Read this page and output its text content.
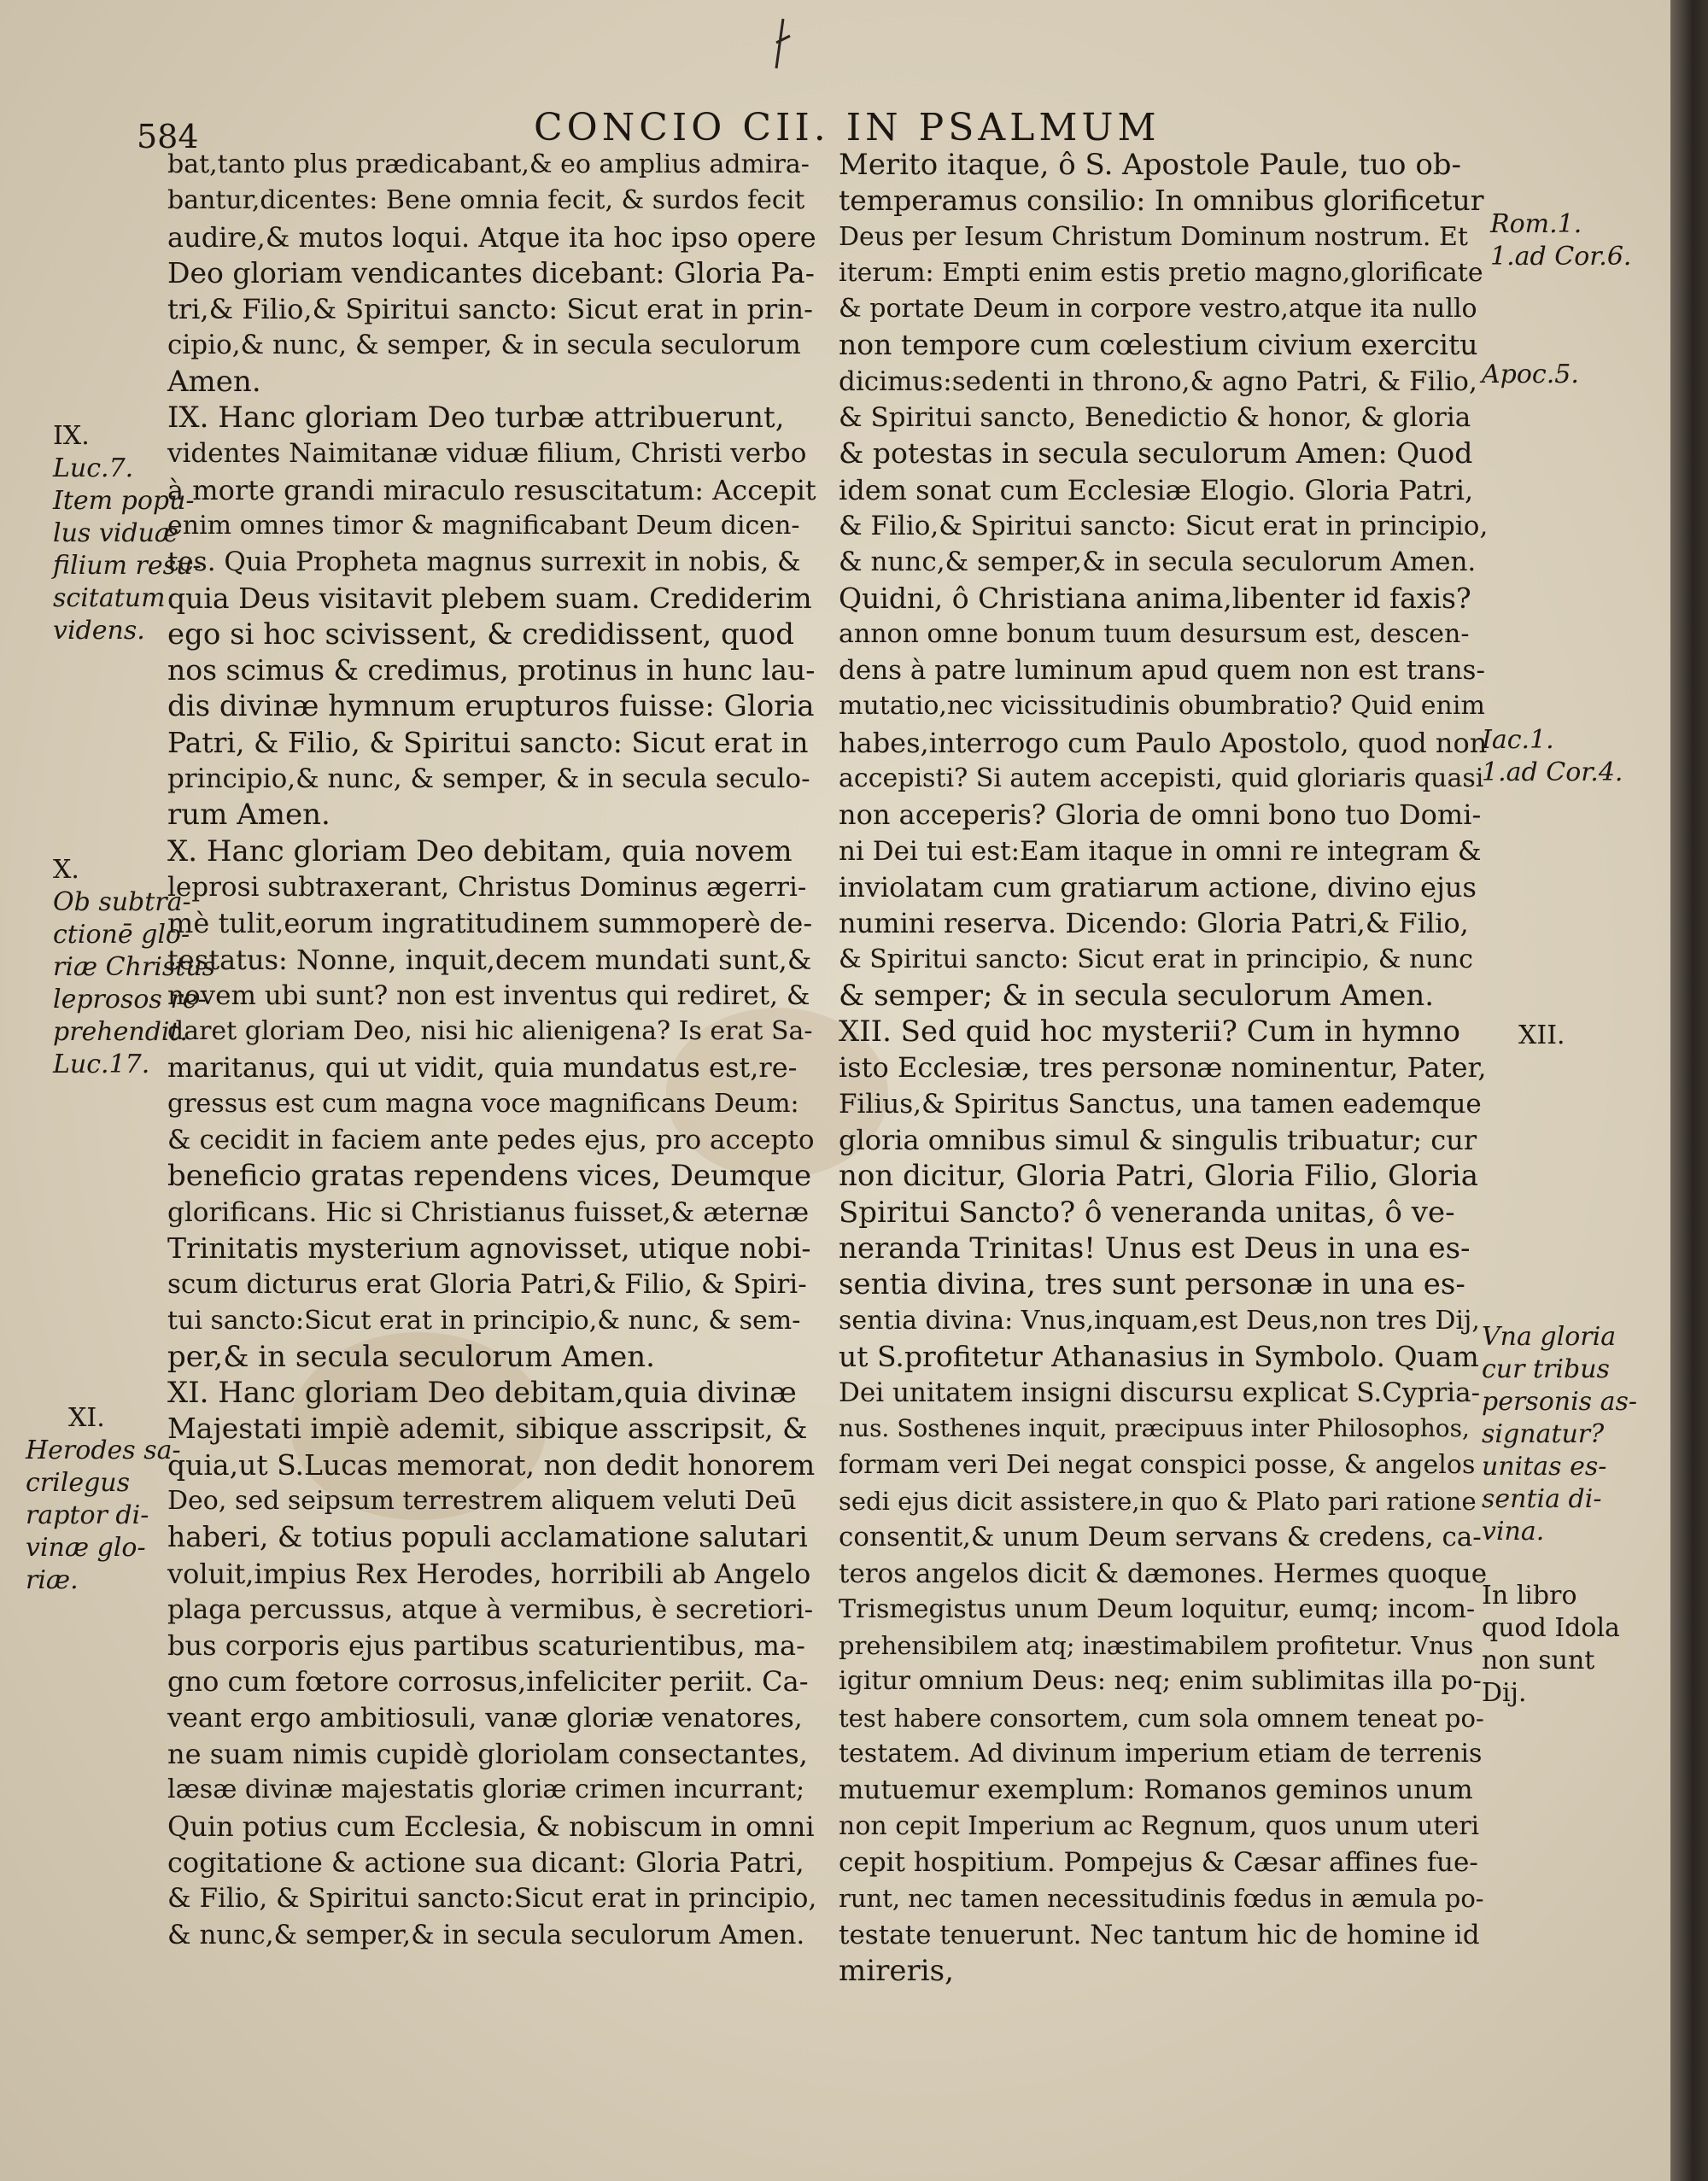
584	CONCIO CII. IN PSALMUM
IX.
Luc.7.
Item popu-
lus viduæ
filium resu-
scitatum
videns.
X.
Ob subtra-
ctionē glo-
riæ Christus
leprosos re-
prehendit.
Luc.17.
XI.
Herodes sa-
crilegus
raptor di-
vinæ glo-
riæ.
bat,tanto plus prædicabant,& eo amplius admira-
bantur,dicentes: Bene omnia fecit, & surdos fecit
audire,& mutos loqui. Atque ita hoc ipso opere
Deo gloriam vendicantes dicebant: Gloria Pa-
tri,& Filio,& Spiritui sancto: Sicut erat in prin-
cipio,& nunc, & semper, & in secula seculorum
Amen.
IX. Hanc gloriam Deo turbæ attribuerunt,
videntes Naimitanæ viduæ filium, Christi verbo
à morte grandi miraculo resuscitatum: Accepit
enim omnes timor & magnificabant Deum dicen-
tes. Quia Propheta magnus surrexit in nobis, &
quia Deus visitavit plebem suam. Crediderim
ego si hoc scivissent, & credidissent, quod
nos scimus & credimus, protinus in hunc lau-
dis divinæ hymnum erupturos fuisse: Gloria
Patri, & Filio, & Spiritui sancto: Sicut erat in
principio,& nunc, & semper, & in secula seculo-
rum Amen.
X. Hanc gloriam Deo debitam, quia novem
leprosi subtraxerant, Christus Dominus ægerri-
mè tulit,eorum ingratitudinem summoperè de-
testatus: Nonne, inquit,decem mundati sunt,&
novem ubi sunt? non est inventus qui rediret, &
daret gloriam Deo, nisi hic alienigena? Is erat Sa-
maritanus, qui ut vidit, quia mundatus est,re-
gressus est cum magna voce magnificans Deum:
& cecidit in faciem ante pedes ejus, pro accepto
beneficio gratas rependens vices, Deumque
glorificans. Hic si Christianus fuisset,& æternæ
Trinitatis mysterium agnovisset, utique nobi-
scum dicturus erat Gloria Patri,& Filio, & Spiri-
tui sancto:Sicut erat in principio,& nunc, & sem-
per,& in secula seculorum Amen.
XI. Hanc gloriam Deo debitam,quia divinæ
Majestati impiè ademit, sibique asscripsit, &
quia,ut S.Lucas memorat, non dedit honorem
Deo, sed seipsum terrestrem aliquem veluti Deū
haberi, & totius populi acclamatione salutari
voluit,impius Rex Herodes, horribili ab Angelo
plaga percussus, atque à vermibus, è secretiori-
bus corporis ejus partibus scaturientibus, ma-
gno cum fœtore corrosus,infeliciter periit. Ca-
veant ergo ambitiosuli, vanæ gloriæ venatores,
ne suam nimis cupidè gloriolam consectantes,
læsæ divinæ majestatis gloriæ crimen incurrant;
Quin potius cum Ecclesia, & nobiscum in omni
cogitatione & actione sua dicant: Gloria Patri,
& Filio, & Spiritui sancto:Sicut erat in principio,
& nunc,& semper,& in secula seculorum Amen.
Merito itaque, ô S. Apostole Paule, tuo ob-
temperamus consilio: In omnibus glorificetur
Deus per Iesum Christum Dominum nostrum. Et
iterum: Empti enim estis pretio magno,glorificate
& portate Deum in corpore vestro,atque ita nullo
non tempore cum cœlestium civium exercitu
dicimus:sedenti in throno,& agno Patri, & Filio,
& Spiritui sancto, Benedictio & honor, & gloria
& potestas in secula seculorum Amen: Quod
idem sonat cum Ecclesiæ Elogio. Gloria Patri,
& Filio,& Spiritui sancto: Sicut erat in principio,
& nunc,& semper,& in secula seculorum Amen.
Quidni, ô Christiana anima,libenter id faxis?
annon omne bonum tuum desursum est, descen-
dens à patre luminum apud quem non est trans-
mutatio,nec vicissitudinis obumbratio? Quid enim
habes,interrogo cum Paulo Apostolo, quod non
accepisti? Si autem accepisti, quid gloriaris quasi
non acceperis? Gloria de omni bono tuo Domi-
ni Dei tui est:Eam itaque in omni re integram &
inviolatam cum gratiarum actione, divino ejus
numini reserva. Dicendo: Gloria Patri,& Filio,
& Spiritui sancto: Sicut erat in principio, & nunc
& semper; & in secula seculorum Amen.
XII. Sed quid hoc mysterii? Cum in hymno
isto Ecclesiæ, tres personæ nominentur, Pater,
Filius,& Spiritus Sanctus, una tamen eademque
gloria omnibus simul & singulis tribuatur; cur
non dicitur, Gloria Patri, Gloria Filio, Gloria
Spiritui Sancto? ô veneranda unitas, ô ve-
neranda Trinitas! Unus est Deus in una es-
sentia divina, tres sunt personæ in una es-
sentia divina: Vnus,inquam,est Deus,non tres Dij,
ut S.profitetur Athanasius in Symbolo. Quam
Dei unitatem insigni discursu explicat S.Cypria-
nus. Sosthenes inquit, præcipuus inter Philosophos,
formam veri Dei negat conspici posse, & angelos
sedi ejus dicit assistere,in quo & Plato pari ratione
consentit,& unum Deum servans & credens, ca-
teros angelos dicit & dæmones. Hermes quoque
Trismegistus unum Deum loquitur, eumq; incom-
prehensibilem atq; inæstimabilem profitetur. Vnus
igitur omnium Deus: neq; enim sublimitas illa po-
test habere consortem, cum sola omnem teneat po-
testatem. Ad divinum imperium etiam de terrenis
mutuemur exemplum: Romanos geminos unum
non cepit Imperium ac Regnum, quos unum uteri
cepit hospitium. Pompejus & Cæsar affines fue-
runt, nec tamen necessitudinis fœdus in æmula po-
testate tenuerunt. Nec tantum hic de homine id
mireris,
Rom.1.
1.ad Cor.6.
Apoc.5.
Iac.1.
1.ad Cor.4.
XII.
Vna gloria
cur tribus
personis as-
signatur?
unitas es-
sentia di-
vina.
In libro
quod Idola
non sunt
Dij.
